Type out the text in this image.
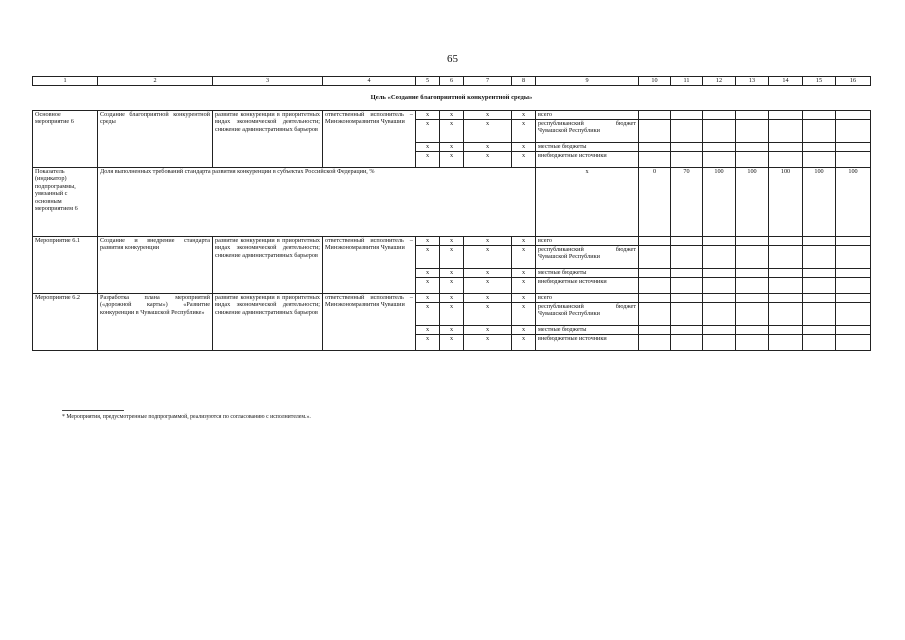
65
1	2	3	4	5	6	7	8	9	10	11	12	13	14	15	16
Цель «Создание благоприятной конкурентной среды»															
Основное мероприятие 6	Создание благоприятной конкурентной среды	развитие конкуренции в приоритетных видах экономической деятельности; снижение административных барьеров	ответственный исполнитель – Минэкономразвития Чувашии	x	x	x	x	всего							
				x	x	x	x	республиканский бюджет Чувашской Республики							
				x	x	x	x	местные бюджеты							
				x	x	x	x	внебюджетные источники							
Показатель (индикатор) подпрограммы, увязанный с основным мероприятием 6	Доля выполненных требований стандарта развития конкуренции в субъектах Российской Федерации, %							x	0	70	100	100	100	100	100
Мероприятие 6.1	Создание и внедрение стандарта развития конкуренции	развитие конкуренции в приоритетных видах экономической деятельности; снижение административных барьеров	ответственный исполнитель – Минэкономразвития Чувашии	x	x	x	x	всего							
				x	x	x	x	республиканский бюджет Чувашской Республики							
				x	x	x	x	местные бюджеты							
				x	x	x	x	внебюджетные источники							
Мероприятие 6.2	Разработка плана мероприятий («дорожной карты») «Развитие конкуренции в Чувашской Республике»	развитие конкуренции в приоритетных видах экономической деятельности; снижение административных барьеров	ответственный исполнитель – Минэкономразвития Чувашии	x	x	x	x	всего							
				x	x	x	x	республиканский бюджет Чувашской Республики							
				x	x	x	x	местные бюджеты							
				x	x	x	x	внебюджетные источники							
* Мероприятия, предусмотренные подпрограммой, реализуются по согласованию с исполнителем.».
